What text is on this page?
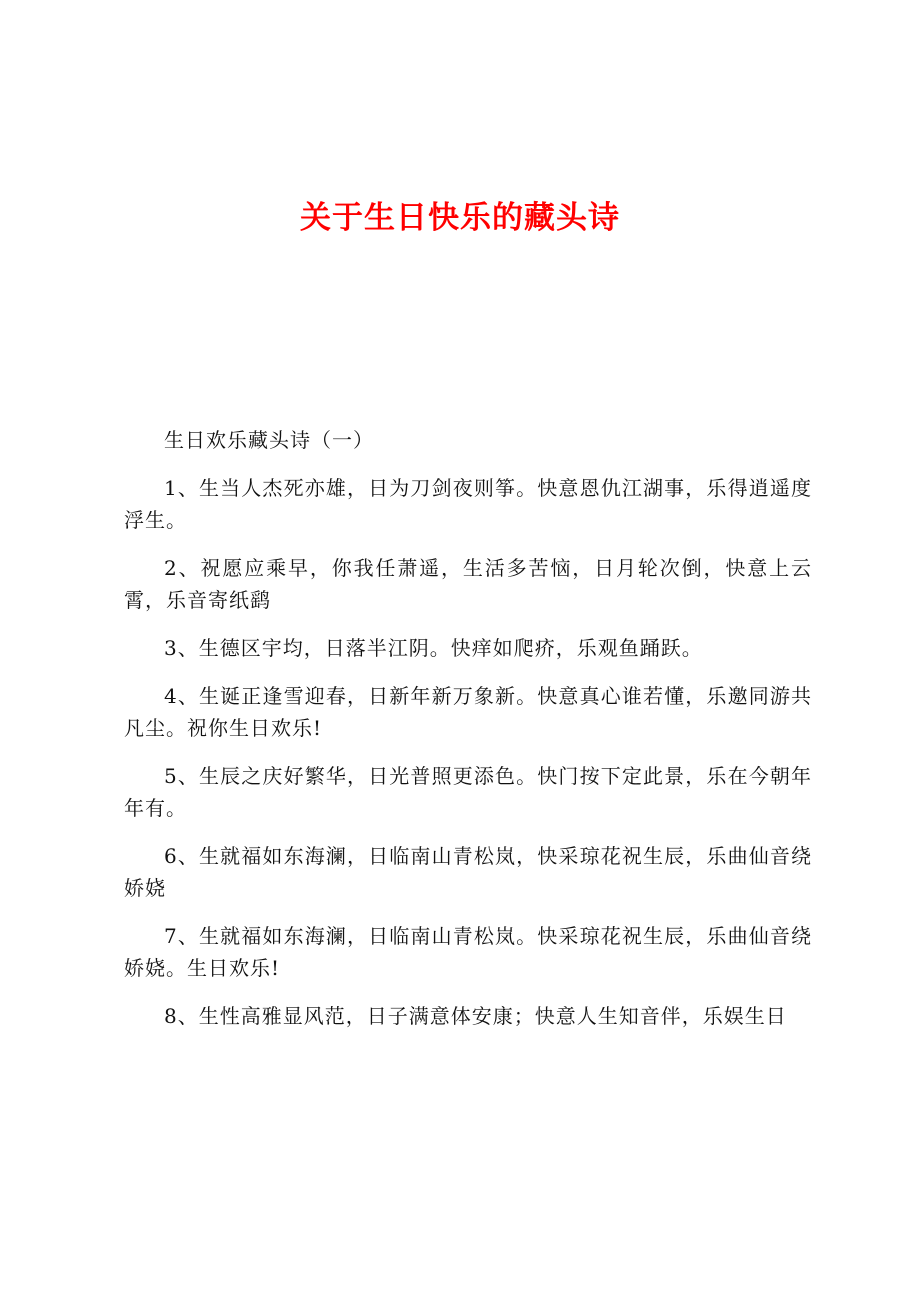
关于生日快乐的藏头诗

生日欢乐藏头诗（一）

1、生当人杰死亦雄，日为刀剑夜则筝。快意恩仇江湖事，乐得逍遥度浮生。

2、祝愿应乘早，你我任萧遥，生活多苦恼，日月轮次倒，快意上云霄，乐音寄纸鹞

3、生德区宇均，日落半江阴。快痒如爬疥，乐观鱼踊跃。

4、生诞正逢雪迎春，日新年新万象新。快意真心谁若懂，乐邀同游共凡尘。祝你生日欢乐!

5、生辰之庆好繁华，日光普照更添色。快门按下定此景，乐在今朝年年有。

6、生就福如东海澜，日临南山青松岚，快采琼花祝生辰，乐曲仙音绕娇娆

7、生就福如东海澜，日临南山青松岚。快采琼花祝生辰，乐曲仙音绕娇娆。生日欢乐!

8、生性高雅显风范，日子满意体安康；快意人生知音伴，乐娱生日
